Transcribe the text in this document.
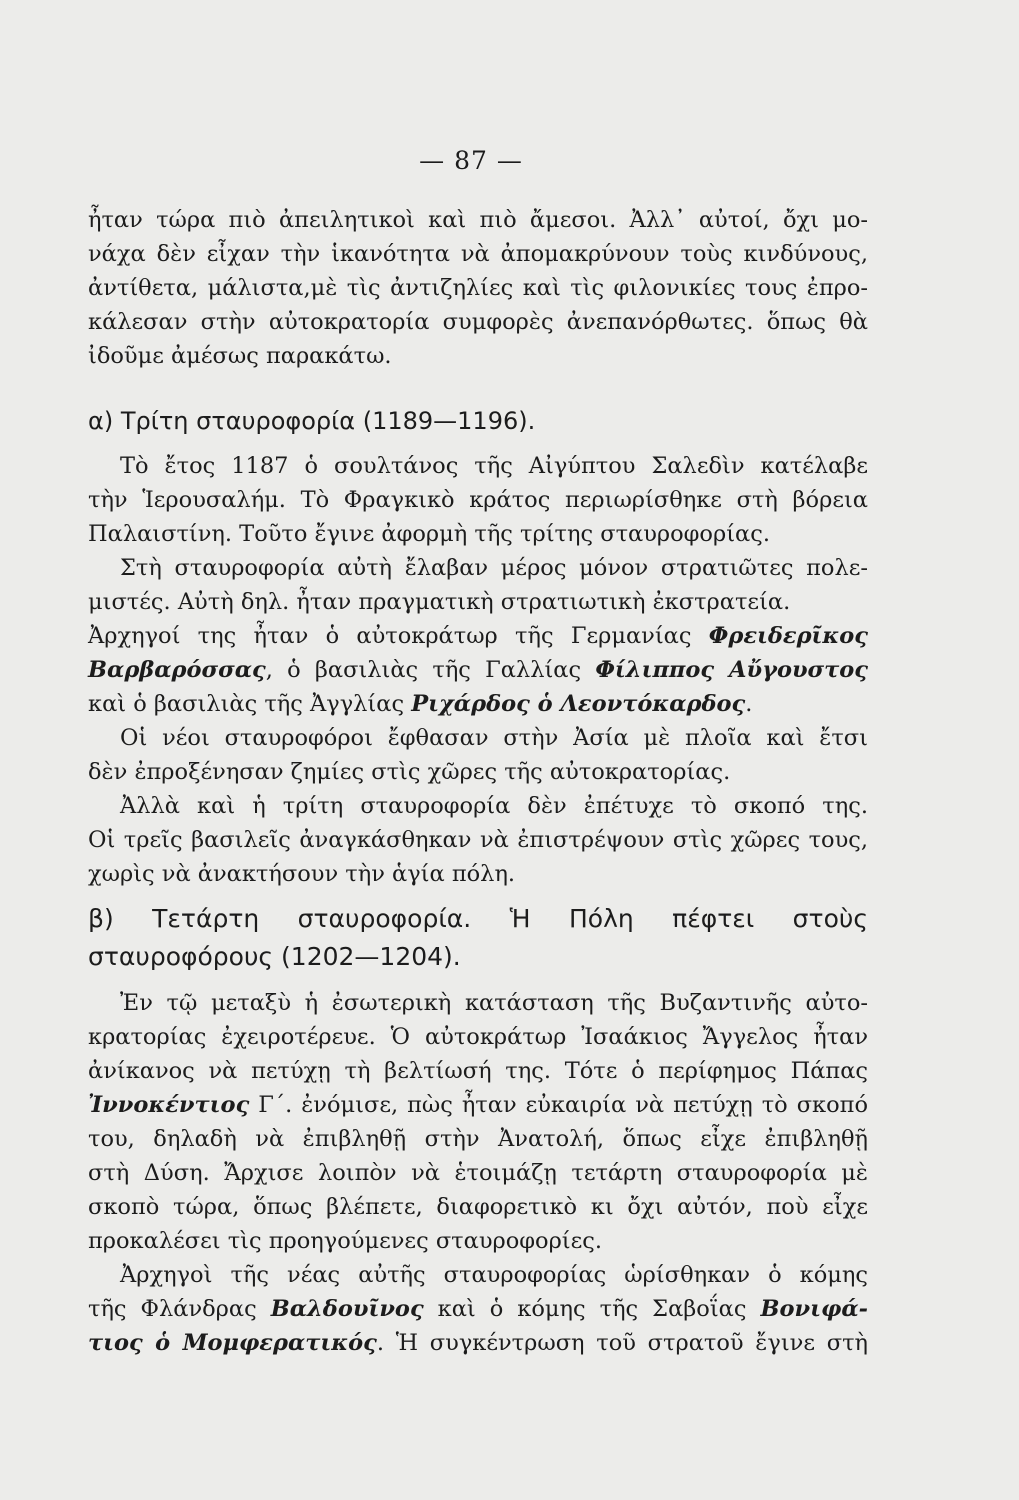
— 87 —
ἦταν τώρα πιὸ ἀπειλητικοὶ καὶ πιὸ ἄμεσοι. Ἀλλ᾽ αὐτοί, ὄχι μο-
νάχα δὲν εἶχαν τὴν ἱκανότητα νὰ ἀπομακρύνουν τοὺς κινδύνους,
ἀντίθετα, μάλιστα,μὲ τὶς ἀντιζηλίες καὶ τὶς φιλονικίες τους ἐπρο-
κάλεσαν στὴν αὐτοκρατορία συμφορὲς ἀνεπανόρθωτες. ὅπως θὰ
ἰδοῦμε ἀμέσως παρακάτω.
α) Τρίτη σταυροφορία (1189—1196).
Τὸ ἔτος 1187 ὁ σουλτάνος τῆς Αἰγύπτου Σαλεδὶν κατέλαβε
τὴν Ἱερουσαλήμ. Τὸ Φραγκικὸ κράτος περιωρίσθηκε στὴ βόρεια
Παλαιστίνη. Τοῦτο ἔγινε ἀφορμὴ τῆς τρίτης σταυροφορίας.
Στὴ σταυροφορία αὐτὴ ἔλαβαν μέρος μόνον στρατιῶτες πολε-
μιστές. Αὐτὴ δηλ. ἦταν πραγματικὴ στρατιωτικὴ ἐκστρατεία.
Ἀρχηγοί της ἦταν ὁ αὐτοκράτωρ τῆς Γερμανίας Φρειδερῖκος
Βαρβαρόσσας, ὁ βασιλιὰς τῆς Γαλλίας Φίλιππος Αὔγουστος
καὶ ὁ βασιλιὰς τῆς Ἀγγλίας Ριχάρδος ὁ Λεοντόκαρδος.
Οἱ νέοι σταυροφόροι ἔφθασαν στὴν Ἀσία μὲ πλοῖα καὶ ἔτσι
δὲν ἐπροξένησαν ζημίες στὶς χῶρες τῆς αὐτοκρατορίας.
Ἀλλὰ καὶ ἡ τρίτη σταυροφορία δὲν ἐπέτυχε τὸ σκοπό της.
Οἱ τρεῖς βασιλεῖς ἀναγκάσθηκαν νὰ ἐπιστρέψουν στὶς χῶρες τους,
χωρὶς νὰ ἀνακτήσουν τὴν ἁγία πόλη.
β) Τετάρτη σταυροφορία. Ἡ Πόλη πέφτει στοὺς
σταυροφόρους (1202—1204).
Ἐν τῷ μεταξὺ ἡ ἐσωτερικὴ κατάσταση τῆς Βυζαντινῆς αὐτο-
κρατορίας ἐχειροτέρευε. Ὁ αὐτοκράτωρ Ἰσαάκιος Ἄγγελος ἦταν
ἀνίκανος νὰ πετύχῃ τὴ βελτίωσή της. Τότε ὁ περίφημος Πάπας
Ἰννοκέντιος Γ΄. ἐνόμισε, πὼς ἦταν εὐκαιρία νὰ πετύχῃ τὸ σκοπό
του, δηλαδὴ νὰ ἐπιβληθῇ στὴν Ἀνατολή, ὅπως εἶχε ἐπιβληθῇ
στὴ Δύση. Ἄρχισε λοιπὸν νὰ ἑτοιμάζῃ τετάρτη σταυροφορία μὲ
σκοπὸ τώρα, ὅπως βλέπετε, διαφορετικὸ κι ὄχι αὐτόν, ποὺ εἶχε
προκαλέσει τὶς προηγούμενες σταυροφορίες.
Ἀρχηγοὶ τῆς νέας αὐτῆς σταυροφορίας ὡρίσθηκαν ὁ κόμης
τῆς Φλάνδρας Βαλδουῖνος καὶ ὁ κόμης τῆς Σαβοΐας Βονιφά-
τιος ὁ Μομφερατικός. Ἡ συγκέντρωση τοῦ στρατοῦ ἔγινε στὴ
